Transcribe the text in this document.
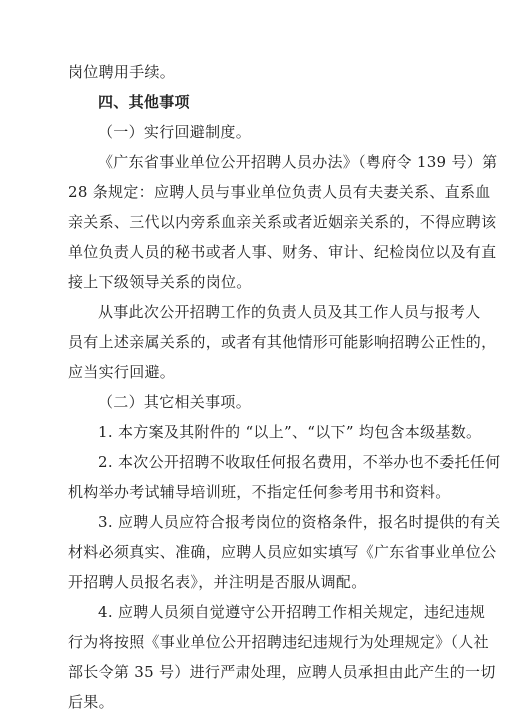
岗位聘用手续。
四、其他事项
（一）实行回避制度。
《广东省事业单位公开招聘人员办法》（粤府令 139 号）第
28 条规定：应聘人员与事业单位负责人员有夫妻关系、直系血
亲关系、三代以内旁系血亲关系或者近姻亲关系的，不得应聘该
单位负责人员的秘书或者人事、财务、审计、纪检岗位以及有直
接上下级领导关系的岗位。
从事此次公开招聘工作的负责人员及其工作人员与报考人
员有上述亲属关系的，或者有其他情形可能影响招聘公正性的，
应当实行回避。
（二）其它相关事项。
1. 本方案及其附件的 “以上”、“以下” 均包含本级基数。
2. 本次公开招聘不收取任何报名费用，不举办也不委托任何
机构举办考试辅导培训班，不指定任何参考用书和资料。
3. 应聘人员应符合报考岗位的资格条件，报名时提供的有关
材料必须真实、准确，应聘人员应如实填写《广东省事业单位公
开招聘人员报名表》，并注明是否服从调配。
4. 应聘人员须自觉遵守公开招聘工作相关规定，违纪违规
行为将按照《事业单位公开招聘违纪违规行为处理规定》（人社
部长令第 35 号）进行严肃处理，应聘人员承担由此产生的一切
后果。
